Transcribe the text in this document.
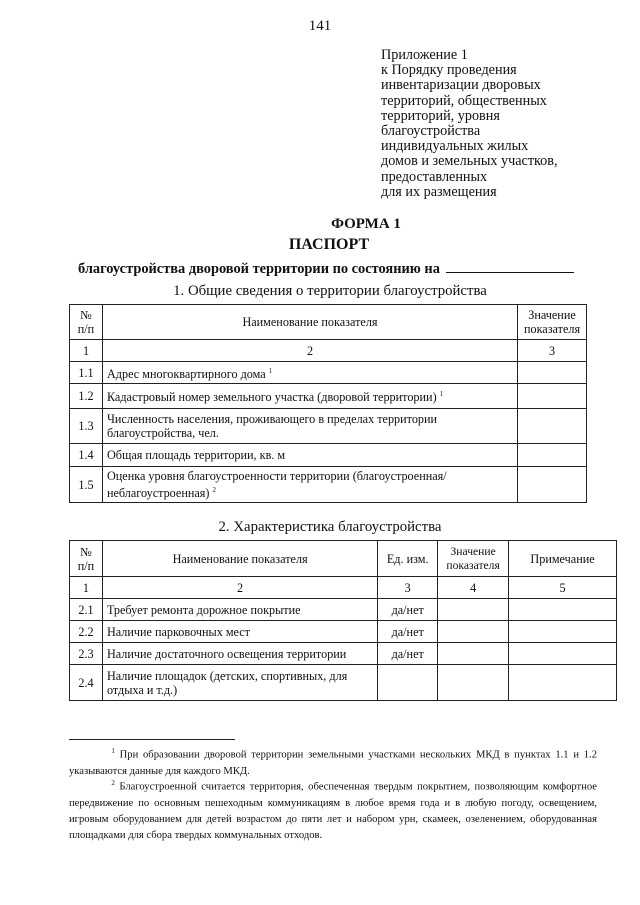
141
Приложение 1
к Порядку проведения
инвентаризации дворовых
территорий, общественных
территорий, уровня
благоустройства
индивидуальных жилых
домов и земельных участков,
предоставленных
для их размещения
ФОРМА 1
ПАСПОРТ
благоустройства дворовой территории по состоянию на
1. Общие сведения о территории благоустройства
№ п/п	Наименование показателя	Значение показателя
1	2	3
1.1	Адрес многоквартирного дома $^1$	
1.2	Кадастровый номер земельного участка (дворовой территории) $^1$	
1.3	Численность населения, проживающего в пределах территории благоустройства, чел.	
1.4	Общая площадь территории, кв. м	
1.5	Оценка уровня благоустроенности территории (благоустроенная/ неблагоустроенная) $^2$	
2. Характеристика благоустройства
№ п/п	Наименование показателя	Ед. изм.	Значение показателя	Примечание
1	2	3	4	5
2.1	Требует ремонта дорожное покрытие	да/нет		
2.2	Наличие парковочных мест	да/нет		
2.3	Наличие достаточного освещения территории	да/нет		
2.4	Наличие площадок (детских, спортивных, для отдыха и т.д.)			
    $^1$ При образовании дворовой территории земельными участками нескольких МКД в пунктах 1.1 и 1.2 указываются данные для каждого МКД.
    $^2$ Благоустроенной считается территория, обеспеченная твердым покрытием, позволяющим комфортное передвижение по основным пешеходным коммуникациям в любое время года и в любую погоду, освещением, игровым оборудованием для детей возрастом до пяти лет и набором урн, скамеек, озеленением, оборудованная площадками для сбора твердых коммунальных отходов.
